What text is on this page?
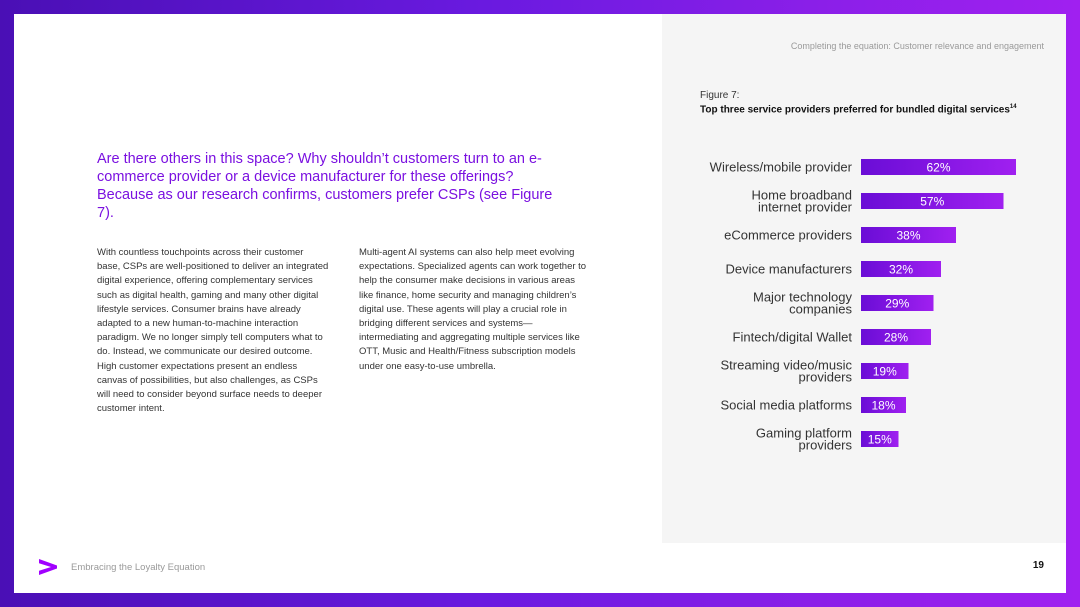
Completing the equation: Customer relevance and engagement
Figure 7:
Top three service providers preferred for bundled digital services$^{14}$
Are there others in this space? Why shouldn’t customers turn to an e-commerce provider or a device manufacturer for these offerings? Because as our research confirms, customers prefer CSPs (see Figure 7).
With countless touchpoints across their customer base, CSPs are well-positioned to deliver an integrated digital experience, offering complementary services such as digital health, gaming and many other digital lifestyle services. Consumer brains have already adapted to a new human-to-machine interaction paradigm. We no longer simply tell computers what to do. Instead, we communicate our desired outcome. High customer expectations present an endless canvas of possibilities, but also challenges, as CSPs will need to consider beyond surface needs to deeper customer intent.
Multi-agent AI systems can also help meet evolving expectations. Specialized agents can work together to help the consumer make decisions in various areas like finance, home security and managing children’s digital use. These agents will play a crucial role in bridging different services and systems—intermediating and aggregating multiple services like OTT, Music and Health/Fitness subscription models under one easy-to-use umbrella.
62%
Wireless/mobile provider
57%
Home broadband internet provider
38%
eCommerce providers
32%
Device manufacturers
29%
Major technology companies
28%
Fintech/digital Wallet
19%
Streaming video/music providers
18%
Social media platforms
15%
Gaming platform providers
Embracing the Loyalty Equation	19
